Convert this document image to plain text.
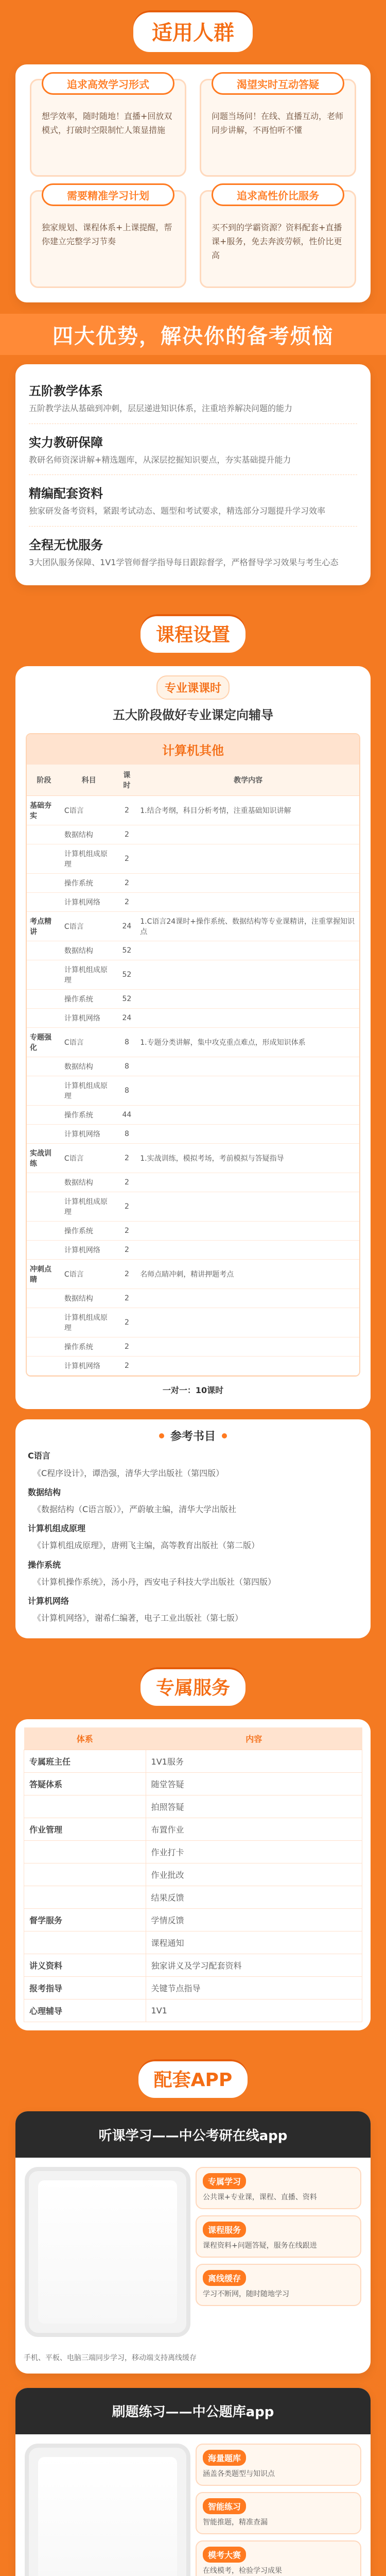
适用人群
追求高效学习形式
想学效率，随时随地！直播+回放双模式，打破时空限制忙人策显措施
渴望实时互动答疑
问题当场问！在线、直播互动，老师同步讲解，不再怕听不懂
需要精准学习计划
独家规划、课程体系+上课提醒，帮你建立完整学习节奏
追求高性价比服务
买不到的学霸资源？资料配套+直播课+服务，免去奔波劳顿，性价比更高
四大优势，解决你的备考烦恼
五阶教学体系
五阶教学法从基础到冲刺，层层递进知识体系，注重培养解决问题的能力
实力教研保障
教研名师资深讲解+精选题库，从深层挖掘知识要点，夯实基础提升能力
精编配套资料
独家研发备考资料，紧跟考试动态、题型和考试要求，精选部分习题提升学习效率
全程无忧服务
3大团队服务保障、1V1学管师督学指导每日跟踪督学，严格督导学习效果与考生心态
课程设置
专业课课时
五大阶段做好专业课定向辅导
计算机其他
阶段	科目	课时	教学内容
基础夯实	C语言	2	1.结合考纲，科目分析考情，注重基础知识讲解
	数据结构	2	
	计算机组成原理	2	
	操作系统	2	
	计算机网络	2	
考点精讲	C语言	24	1.C语言24课时+操作系统、数据结构等专业课精讲，注重掌握知识点
	数据结构	52	
	计算机组成原理	52	
	操作系统	52	
	计算机网络	24	
专题强化	C语言	8	1.专题分类讲解，集中攻克重点难点，形成知识体系
	数据结构	8	
	计算机组成原理	8	
	操作系统	44	
	计算机网络	8	
实战训练	C语言	2	1.实战训练，模拟考场，考前模拟与答疑指导
	数据结构	2	
	计算机组成原理	2	
	操作系统	2	
	计算机网络	2	
冲刺点睛	C语言	2	名师点睛冲刺，精讲押题考点
	数据结构	2	
	计算机组成原理	2	
	操作系统	2	
	计算机网络	2	
一对一：10课时
参考书目
C语言
《C程序设计》，谭浩强，清华大学出版社（第四版）
数据结构
《数据结构（C语言版）》，严蔚敏主编，清华大学出版社
计算机组成原理
《计算机组成原理》，唐朔飞主编，高等教育出版社（第二版）
操作系统
《计算机操作系统》，汤小丹，西安电子科技大学出版社（第四版）
计算机网络
《计算机网络》，谢希仁编著，电子工业出版社（第七版）
专属服务
体系	内容
专属班主任	1V1服务
答疑体系	随堂答疑
	拍照答疑
作业管理	布置作业
	作业打卡
	作业批改
	结果反馈
督学服务	学情反馈
	课程通知
讲义资料	独家讲义及学习配套资料
报考指导	关键节点指导
心理辅导	1V1
配套APP
听课学习——中公考研在线app
专属学习
公共课+专业课，课程、直播、资料
课程服务
课程资料+问题答疑，服务在线跟进
离线缓存
学习不断网，随时随地学习
手机、平板、电脑三端同步学习，移动端支持离线缓存
刷题练习——中公题库app
海量题库
涵盖各类题型与知识点
智能练习
智能推题，精准查漏
模考大赛
在线模考，检验学习成果
